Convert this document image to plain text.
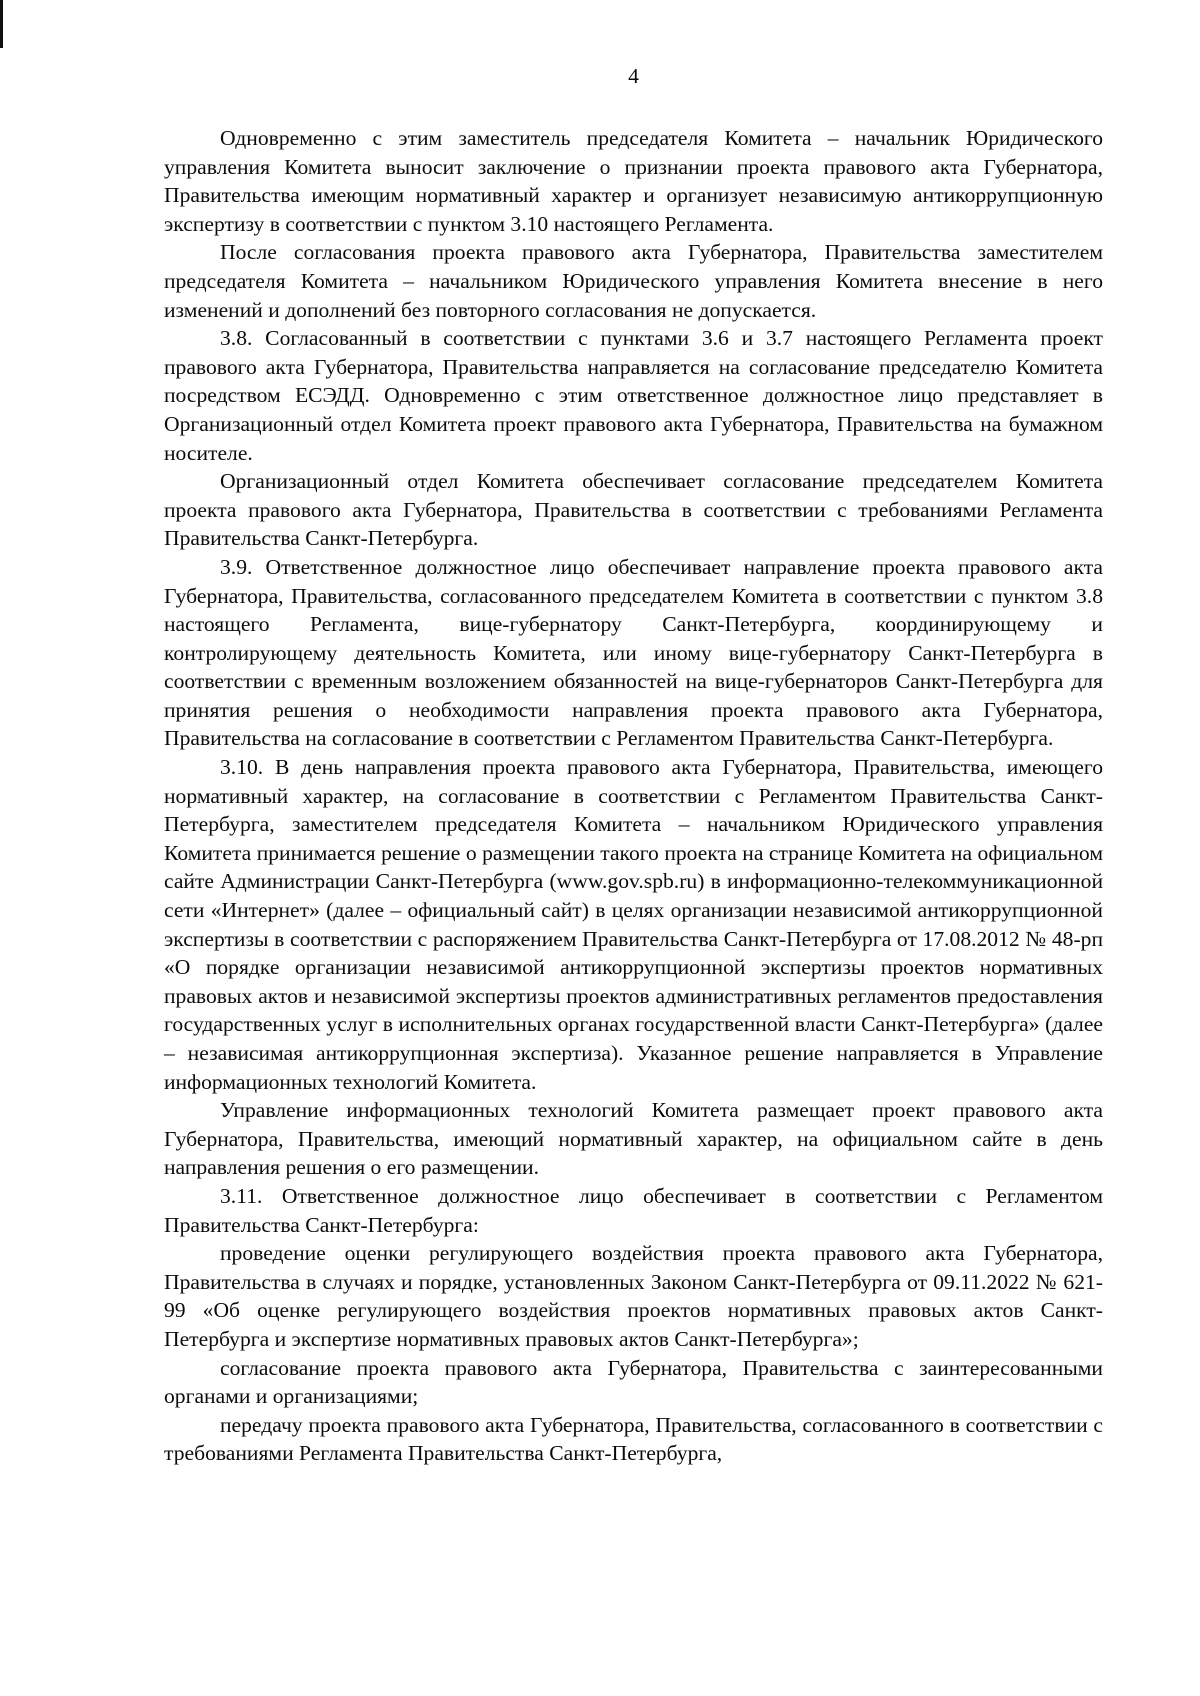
4

Одновременно с этим заместитель председателя Комитета – начальник Юридического управления Комитета выносит заключение о признании проекта правового акта Губернатора, Правительства имеющим нормативный характер и организует независимую антикоррупционную экспертизу в соответствии с пунктом 3.10 настоящего Регламента.

После согласования проекта правового акта Губернатора, Правительства заместителем председателя Комитета – начальником Юридического управления Комитета внесение в него изменений и дополнений без повторного согласования не допускается.

3.8. Согласованный в соответствии с пунктами 3.6 и 3.7 настоящего Регламента проект правового акта Губернатора, Правительства направляется на согласование председателю Комитета посредством ЕСЭДД. Одновременно с этим ответственное должностное лицо представляет в Организационный отдел Комитета проект правового акта Губернатора, Правительства на бумажном носителе.

Организационный отдел Комитета обеспечивает согласование председателем Комитета проекта правового акта Губернатора, Правительства в соответствии с требованиями Регламента Правительства Санкт-Петербурга.

3.9. Ответственное должностное лицо обеспечивает направление проекта правового акта Губернатора, Правительства, согласованного председателем Комитета в соответствии с пунктом 3.8 настоящего Регламента, вице-губернатору Санкт-Петербурга, координирующему и контролирующему деятельность Комитета, или иному вице-губернатору Санкт-Петербурга в соответствии с временным возложением обязанностей на вице-губернаторов Санкт-Петербурга для принятия решения о необходимости направления проекта правового акта Губернатора, Правительства на согласование в соответствии с Регламентом Правительства Санкт-Петербурга.

3.10. В день направления проекта правового акта Губернатора, Правительства, имеющего нормативный характер, на согласование в соответствии с Регламентом Правительства Санкт-Петербурга, заместителем председателя Комитета – начальником Юридического управления Комитета принимается решение о размещении такого проекта на странице Комитета на официальном сайте Администрации Санкт-Петербурга (www.gov.spb.ru) в информационно-телекоммуникационной сети «Интернет» (далее – официальный сайт) в целях организации независимой антикоррупционной экспертизы в соответствии с распоряжением Правительства Санкт-Петербурга от 17.08.2012 № 48-рп «О порядке организации независимой антикоррупционной экспертизы проектов нормативных правовых актов и независимой экспертизы проектов административных регламентов предоставления государственных услуг в исполнительных органах государственной власти Санкт-Петербурга» (далее – независимая антикоррупционная экспертиза). Указанное решение направляется в Управление информационных технологий Комитета.

Управление информационных технологий Комитета размещает проект правового акта Губернатора, Правительства, имеющий нормативный характер, на официальном сайте в день направления решения о его размещении.

3.11. Ответственное должностное лицо обеспечивает в соответствии с Регламентом Правительства Санкт-Петербурга:

проведение оценки регулирующего воздействия проекта правового акта Губернатора, Правительства в случаях и порядке, установленных Законом Санкт-Петербурга от 09.11.2022 № 621-99 «Об оценке регулирующего воздействия проектов нормативных правовых актов Санкт-Петербурга и экспертизе нормативных правовых актов Санкт-Петербурга»;

согласование проекта правового акта Губернатора, Правительства с заинтересованными органами и организациями;

передачу проекта правового акта Губернатора, Правительства, согласованного в соответствии с требованиями Регламента Правительства Санкт-Петербурга,
